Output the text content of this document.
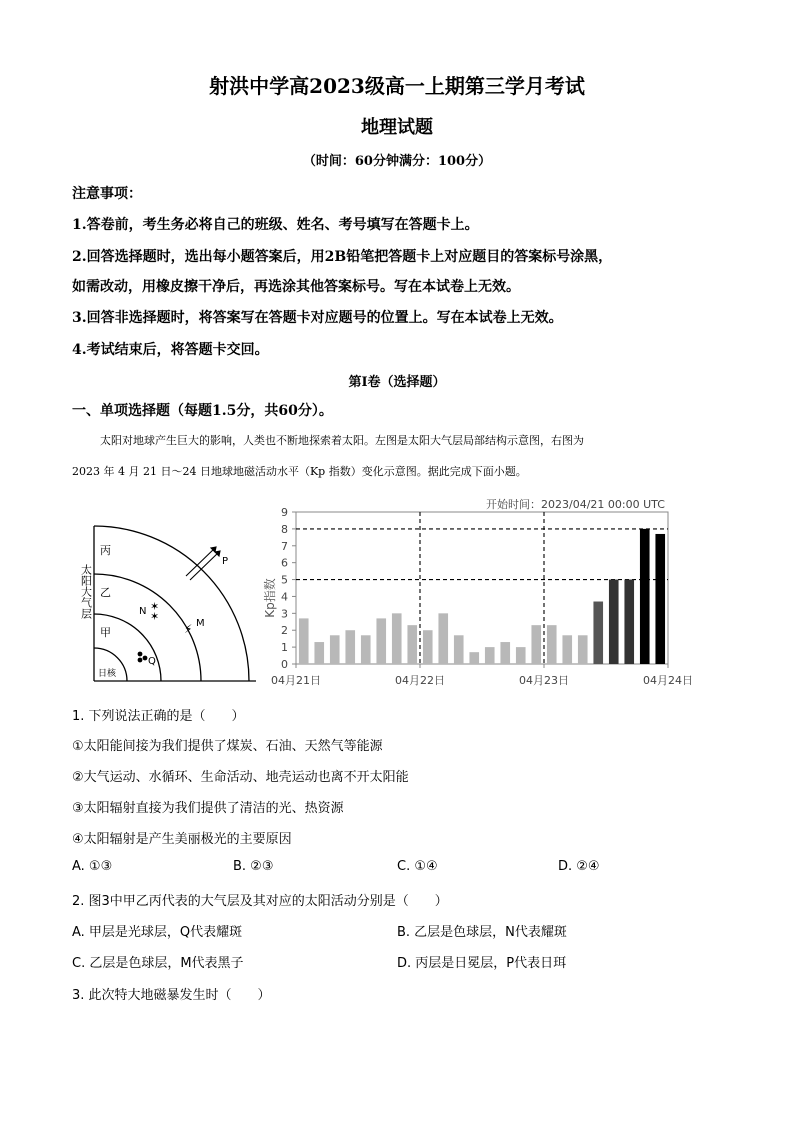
射洪中学高2023级高一上期第三学月考试
地理试题
（时间：60分钟满分：100分）
注意事项：
1.答卷前，考生务必将自己的班级、姓名、考号填写在答题卡上。
2.回答选择题时，选出每小题答案后，用2B铅笔把答题卡上对应题目的答案标号涂黑，
如需改动，用橡皮擦干净后，再选涂其他答案标号。写在本试卷上无效。
3.回答非选择题时，将答案写在答题卡对应题号的位置上。写在本试卷上无效。
4.考试结束后，将答题卡交回。
第Ⅰ卷（选择题）
一、单项选择题（每题1.5分，共60分）。
太阳对地球产生巨大的影响，人类也不断地探索着太阳。左图是太阳大气层局部结构示意图，右图为
2023 年 4 月 21 日～24 日地球地磁活动水平（Kp 指数）变化示意图。据此完成下面小题。
太阳大气层
丙
乙
甲
日核
P
N ✶
✶
⚡ M
Q
开始时间：2023/04/21 00:00 UTC
Kp指数
0
1
2
3
4
5
6
7
8
9
04月21日	04月22日	04月23日	04月24日
1. 下列说法正确的是（　　）
①太阳能间接为我们提供了煤炭、石油、天然气等能源
②大气运动、水循环、生命活动、地壳运动也离不开太阳能
③太阳辐射直接为我们提供了清洁的光、热资源
④太阳辐射是产生美丽极光的主要原因
A. ①③	B. ②③	C. ①④	D. ②④
2. 图3中甲乙丙代表的大气层及其对应的太阳活动分别是（　　）
A. 甲层是光球层，Q代表耀斑	B. 乙层是色球层，N代表耀斑
C. 乙层是色球层，M代表黑子	D. 丙层是日冕层，P代表日珥
3. 此次特大地磁暴发生时（　　）
